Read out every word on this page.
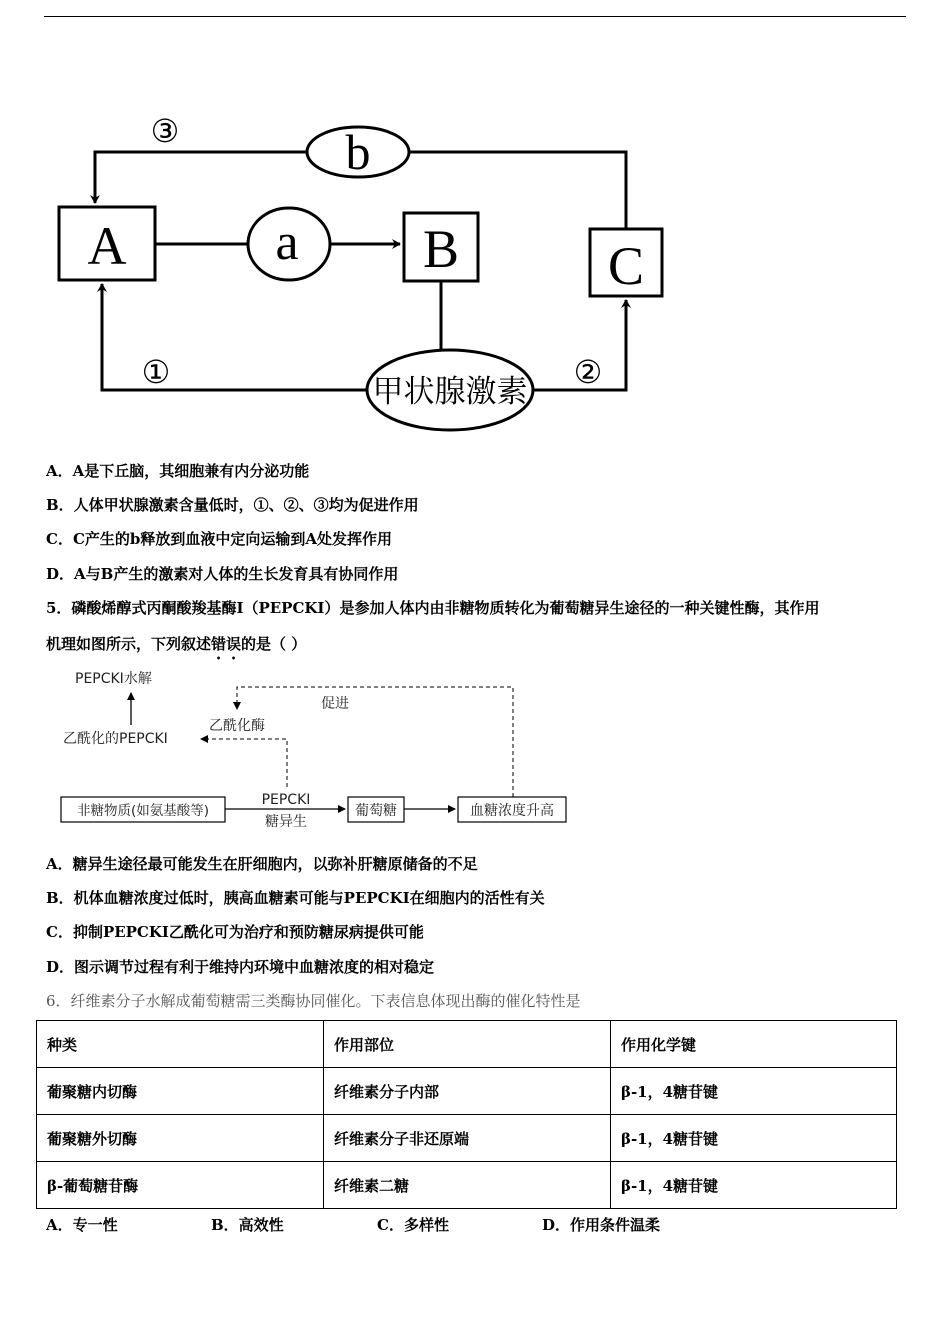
A	B	C
a
b
甲状腺激素
③
①	②
A．A是下丘脑，其细胞兼有内分泌功能
B．人体甲状腺激素含量低时，①、②、③均为促进作用
C．C产生的b释放到血液中定向运输到A处发挥作用
D．A与B产生的激素对人体的生长发育具有协同作用
5．磷酸烯醇式丙酮酸羧基酶Ⅰ（PEPCKI）是参加人体内由非糖物质转化为葡萄糖异生途径的一种关键性酶，其作用
机理如图所示，下列叙述错误的是（ ）
PEPCKI水解
乙酰化的PEPCKI
乙酰化酶
促进
非糖物质(如氨基酸等)
PEPCKI
糖异生
葡萄糖	血糖浓度升高
A．糖异生途径最可能发生在肝细胞内，以弥补肝糖原储备的不足
B．机体血糖浓度过低时，胰高血糖素可能与PEPCKI在细胞内的活性有关
C．抑制PEPCKI乙酰化可为治疗和预防糖尿病提供可能
D．图示调节过程有利于维持内环境中血糖浓度的相对稳定
6．纤维素分子水解成葡萄糖需三类酶协同催化。下表信息体现出酶的催化特性是
种类	作用部位	作用化学键
葡聚糖内切酶	纤维素分子内部	β-1，4糖苷键
葡聚糖外切酶	纤维素分子非还原端	β-1，4糖苷键
β-葡萄糖苷酶	纤维素二糖	β-1，4糖苷键
A．专一性	B．高效性	C．多样性	D．作用条件温柔
